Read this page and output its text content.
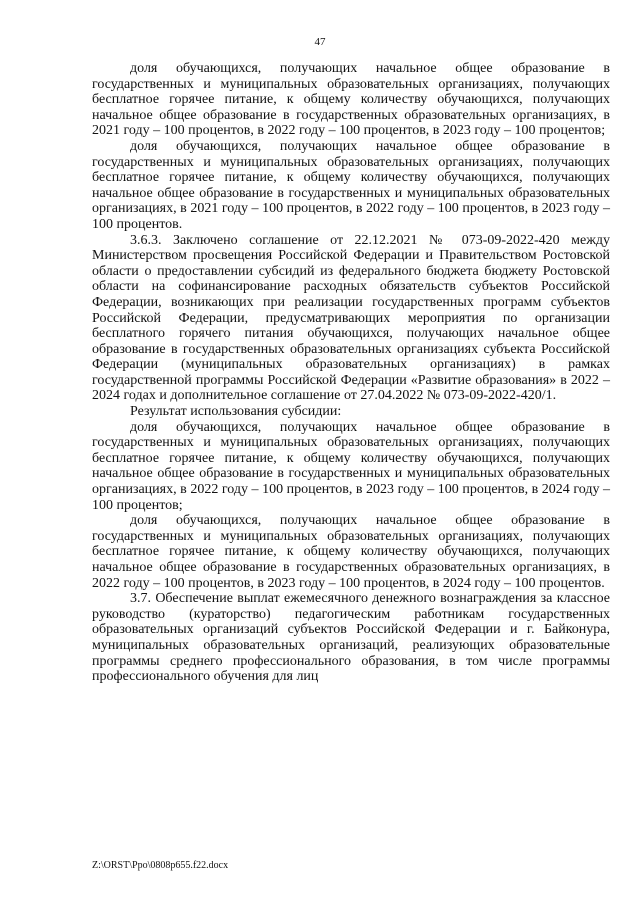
47

доля обучающихся, получающих начальное общее образование в государственных и муниципальных образовательных организациях, получающих бесплатное горячее питание, к общему количеству обучающихся, получающих начальное общее образование в государственных образовательных организациях, в 2021 году – 100 процентов, в 2022 году – 100 процентов, в 2023 году – 100 процентов;

доля обучающихся, получающих начальное общее образование в государственных и муниципальных образовательных организациях, получающих бесплатное горячее питание, к общему количеству обучающихся, получающих начальное общее образование в государственных и муниципальных образовательных организациях, в 2021 году – 100 процентов, в 2022 году – 100 процентов, в 2023 году – 100 процентов.

3.6.3. Заключено соглашение от 22.12.2021 № 073-09-2022-420 между Министерством просвещения Российской Федерации и Правительством Ростовской области о предоставлении субсидий из федерального бюджета бюджету Ростовской области на софинансирование расходных обязательств субъектов Российской Федерации, возникающих при реализации государственных программ субъектов Российской Федерации, предусматривающих мероприятия по организации бесплатного горячего питания обучающихся, получающих начальное общее образование в государственных образовательных организациях субъекта Российской Федерации (муниципальных образовательных организациях) в рамках государственной программы Российской Федерации «Развитие образования» в 2022 – 2024 годах и дополнительное соглашение от 27.04.2022 № 073-09-2022-420/1.

Результат использования субсидии:

доля обучающихся, получающих начальное общее образование в государственных и муниципальных образовательных организациях, получающих бесплатное горячее питание, к общему количеству обучающихся, получающих начальное общее образование в государственных и муниципальных образовательных организациях, в 2022 году – 100 процентов, в 2023 году – 100 процентов, в 2024 году – 100 процентов;

доля обучающихся, получающих начальное общее образование в государственных и муниципальных образовательных организациях, получающих бесплатное горячее питание, к общему количеству обучающихся, получающих начальное общее образование в государственных образовательных организациях, в 2022 году – 100 процентов, в 2023 году – 100 процентов, в 2024 году – 100 процентов.

3.7. Обеспечение выплат ежемесячного денежного вознаграждения за классное руководство (кураторство) педагогическим работникам государственных образовательных организаций субъектов Российской Федерации и г. Байконура, муниципальных образовательных организаций, реализующих образовательные программы среднего профессионального образования, в том числе программы профессионального обучения для лиц

Z:\ORST\Ppo\0808p655.f22.docx
